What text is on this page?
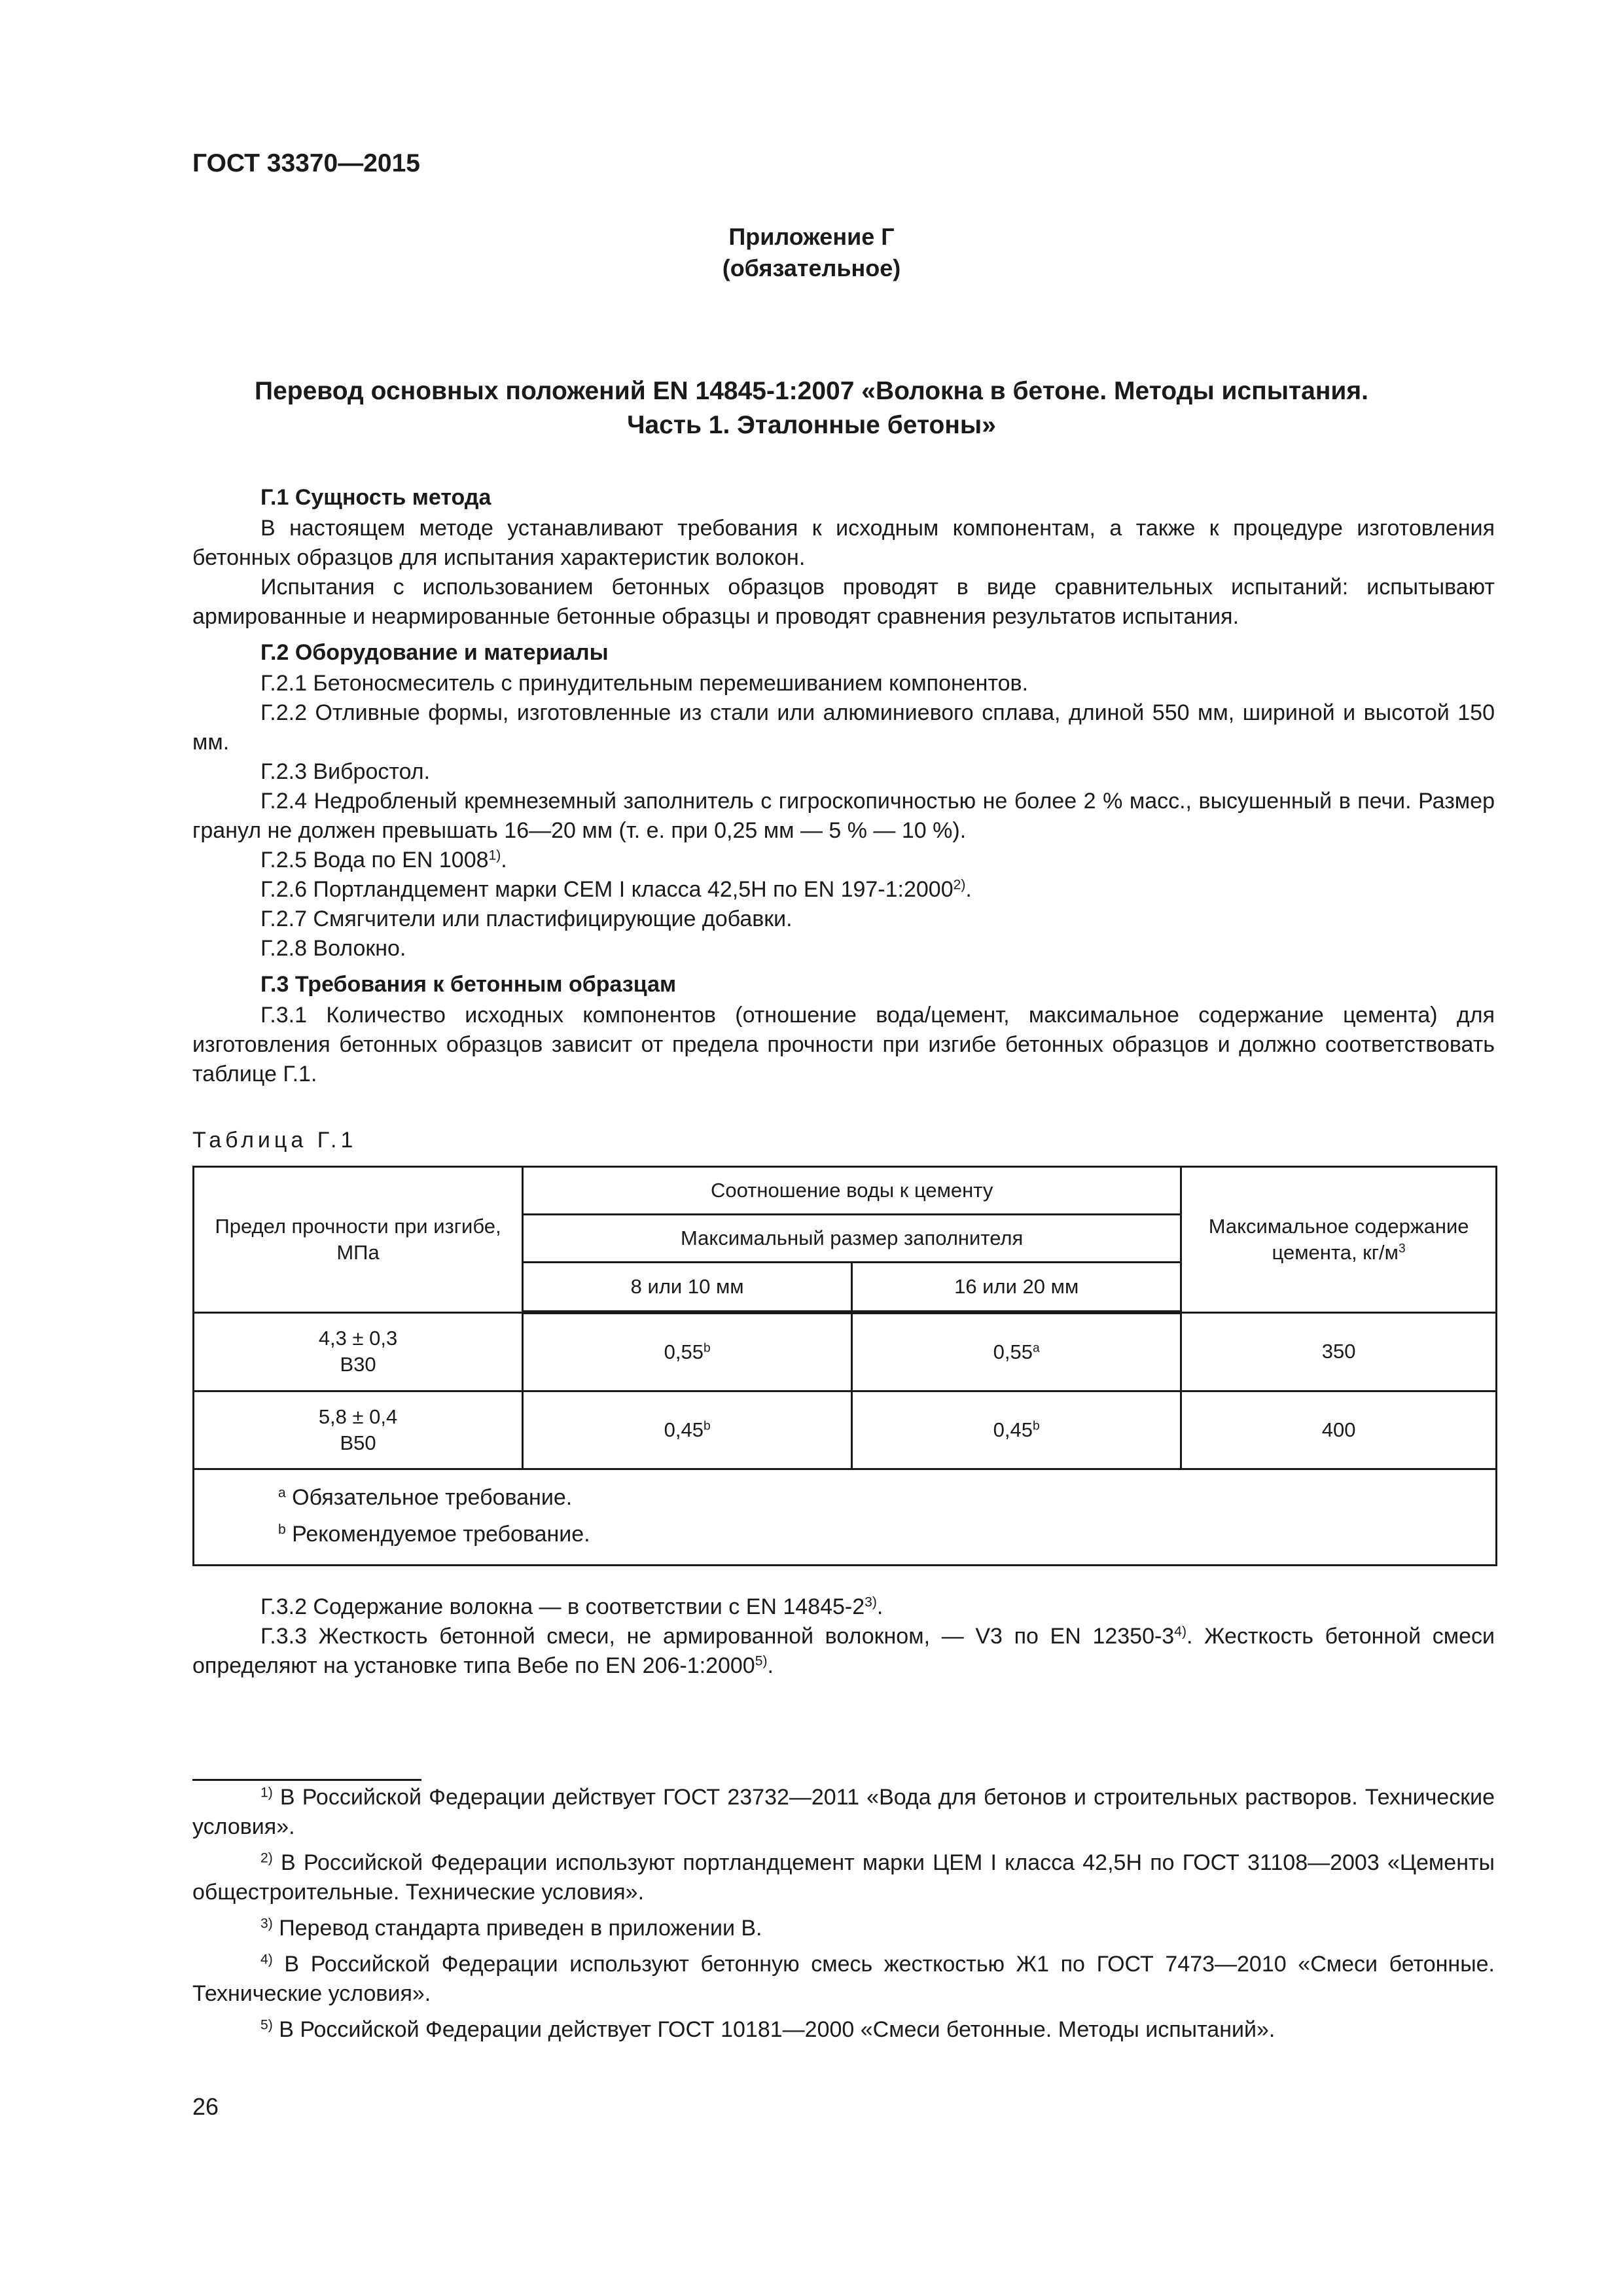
ГОСТ 33370—2015
Приложение Г
(обязательное)
Перевод основных положений EN 14845-1:2007 «Волокна в бетоне. Методы испытания.
Часть 1. Эталонные бетоны»
Г.1 Сущность метода

В настоящем методе устанавливают требования к исходным компонентам, а также к процедуре изготовления бетонных образцов для испытания характеристик волокон.

Испытания с использованием бетонных образцов проводят в виде сравнительных испытаний: испытывают армированные и неармированные бетонные образцы и проводят сравнения результатов испытания.

Г.2 Оборудование и материалы

Г.2.1 Бетоносмеситель с принудительным перемешиванием компонентов.

Г.2.2 Отливные формы, изготовленные из стали или алюминиевого сплава, длиной 550 мм, шириной и высотой 150 мм.

Г.2.3 Вибростол.

Г.2.4 Недробленый кремнеземный заполнитель с гигроскопичностью не более 2 % масс., высушенный в печи. Размер гранул не должен превышать 16—20 мм (т. е. при 0,25 мм — 5 % — 10 %).

Г.2.5 Вода по EN 1008$^{1)}$.

Г.2.6 Портландцемент марки CEM I класса 42,5Н по EN 197-1:2000$^{2)}$.

Г.2.7 Смягчители или пластифицирующие добавки.

Г.2.8 Волокно.

Г.3 Требования к бетонным образцам

Г.3.1 Количество исходных компонентов (отношение вода/цемент, максимальное содержание цемента) для изготовления бетонных образцов зависит от предела прочности при изгибе бетонных образцов и должно соответствовать таблице Г.1.

Таблица Г.1
Предел прочности при изгибе, МПа	Соотношение воды к цементу		Максимальное содержание цемента, $кг/м^3$
	Максимальный размер заполнителя		
	8 или 10 мм	16 или 20 мм	

4,3 ± 0,3
В30	0,55$^b$	0,55$^a$	350

5,8 ± 0,4
В50	0,45$^b$	0,45$^b$	400

$^a$ Обязательное требование.
$^b$ Рекомендуемое требование.			

Г.3.2 Содержание волокна — в соответствии с EN 14845-2$^{3)}$.

Г.3.3 Жесткость бетонной смеси, не армированной волокном, — V3 по EN 12350-3$^{4)}$. Жесткость бетонной смеси определяют на установке типа Вебе по EN 206-1:2000$^{5)}$.

$^{1)}$ В Российской Федерации действует ГОСТ 23732—2011 «Вода для бетонов и строительных растворов. Технические условия».

$^{2)}$ В Российской Федерации используют портландцемент марки ЦЕМ I класса 42,5Н по ГОСТ 31108—2003 «Цементы общестроительные. Технические условия».

$^{3)}$ Перевод стандарта приведен в приложении В.

$^{4)}$ В Российской Федерации используют бетонную смесь жесткостью Ж1 по ГОСТ 7473—2010 «Смеси бетонные. Технические условия».

$^{5)}$ В Российской Федерации действует ГОСТ 10181—2000 «Смеси бетонные. Методы испытаний».

26
